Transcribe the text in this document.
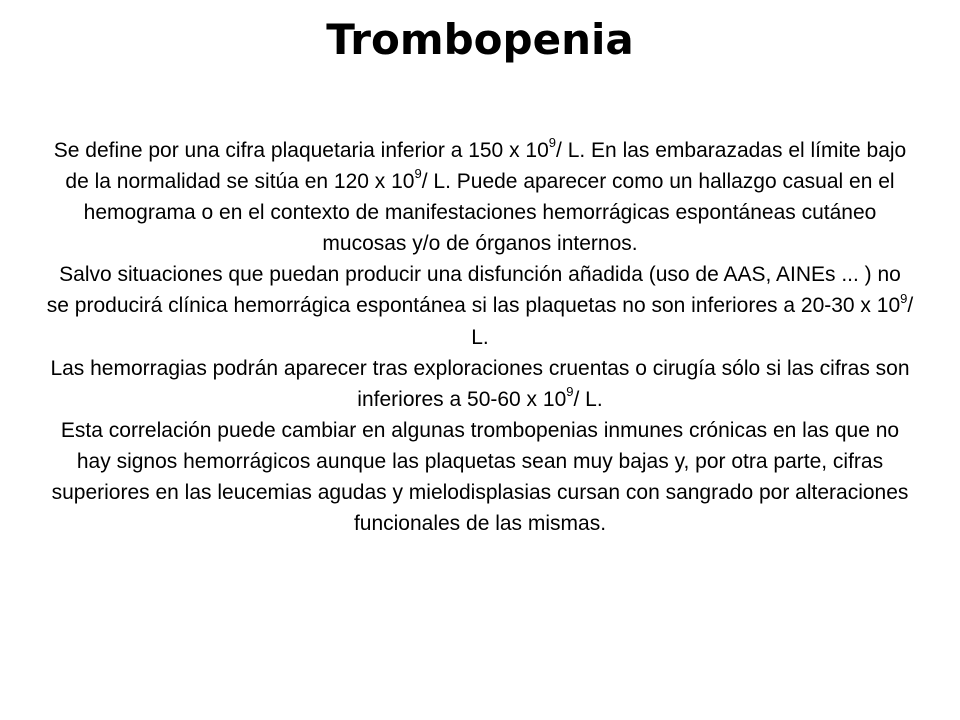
Trombopenia

Se define por una cifra plaquetaria inferior a 150 x $10^9/$ L. En las embarazadas el límite bajo de la normalidad se sitúa en 120 x $10^9/$ L. Puede aparecer como un hallazgo casual en el hemograma o en el contexto de manifestaciones hemorrágicas espontáneas cutáneo mucosas y/o de órganos internos.

Salvo situaciones que puedan producir una disfunción añadida (uso de AAS, AINEs ... ) no se producirá clínica hemorrágica espontánea si las plaquetas no son inferiores a 20-30 x $10^9/$ L.

Las hemorragias podrán aparecer tras exploraciones cruentas o cirugía sólo si las cifras son inferiores a 50-60 x $10^9/$ L.

Esta correlación puede cambiar en algunas trombopenias inmunes crónicas en las que no hay signos hemorrágicos aunque las plaquetas sean muy bajas y, por otra parte, cifras superiores en las leucemias agudas y mielodisplasias cursan con sangrado por alteraciones funcionales de las mismas.
